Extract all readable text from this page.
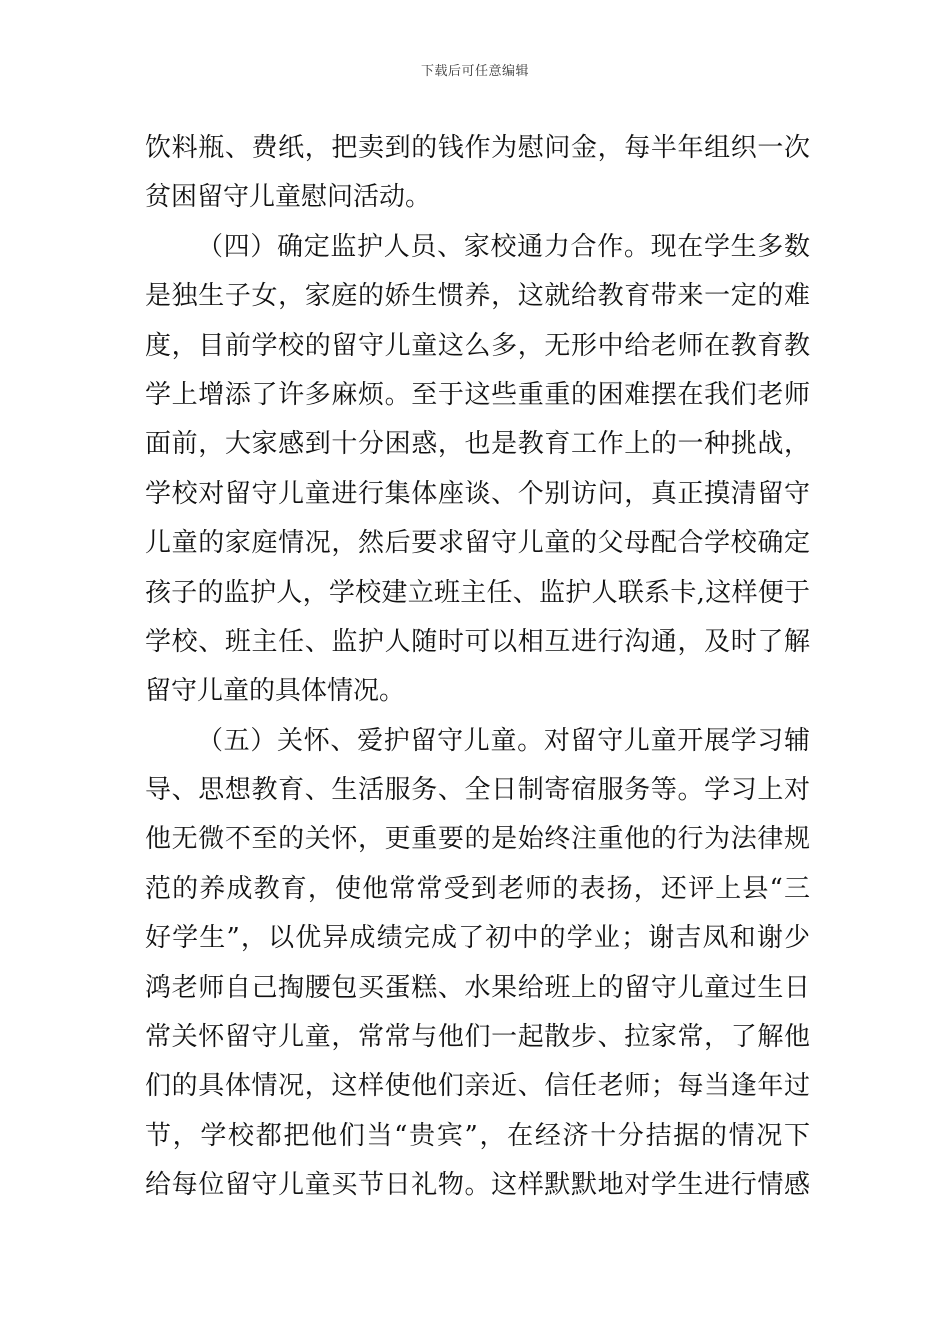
下载后可任意编辑
饮料瓶、费纸，把卖到的钱作为慰问金，每半年组织一次
贫困留守儿童慰问活动。
（四）确定监护人员、家校通力合作。现在学生多数
是独生子女，家庭的娇生惯养，这就给教育带来一定的难
度，目前学校的留守儿童这么多，无形中给老师在教育教
学上增添了许多麻烦。至于这些重重的困难摆在我们老师
面前，大家感到十分困惑，也是教育工作上的一种挑战，
学校对留守儿童进行集体座谈、个别访问，真正摸清留守
儿童的家庭情况，然后要求留守儿童的父母配合学校确定
孩子的监护人，学校建立班主任、监护人联系卡,这样便于
学校、班主任、监护人随时可以相互进行沟通，及时了解
留守儿童的具体情况。
（五）关怀、爱护留守儿童。对留守儿童开展学习辅
导、思想教育、生活服务、全日制寄宿服务等。学习上对
他无微不至的关怀，更重要的是始终注重他的行为法律规
范的养成教育，使他常常受到老师的表扬，还评上县“三
好学生”，以优异成绩完成了初中的学业；谢吉凤和谢少
鸿老师自己掏腰包买蛋糕、水果给班上的留守儿童过生日
常关怀留守儿童，常常与他们一起散步、拉家常，了解他
们的具体情况，这样使他们亲近、信任老师；每当逢年过
节，学校都把他们当“贵宾”，在经济十分拮据的情况下
给每位留守儿童买节日礼物。这样默默地对学生进行情感
